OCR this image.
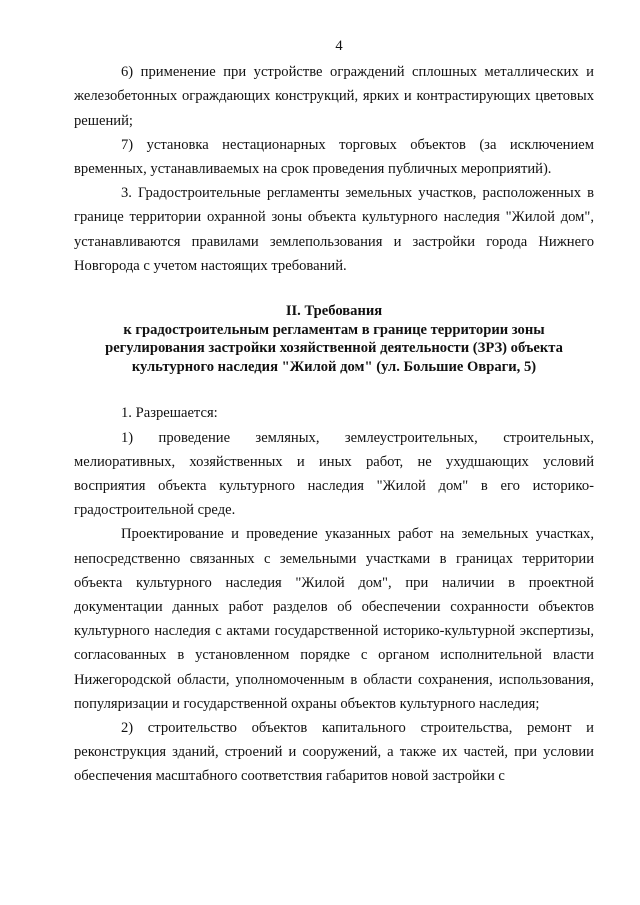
4

6) применение при устройстве ограждений сплошных металлических и железобетонных ограждающих конструкций, ярких и контрастирующих цветовых решений;

7) установка нестационарных торговых объектов (за исключением временных, устанавливаемых на срок проведения публичных мероприятий).

3. Градостроительные регламенты земельных участков, расположенных в границе территории охранной зоны объекта культурного наследия "Жилой дом", устанавливаются правилами землепользования и застройки города Нижнего Новгорода с учетом настоящих требований.

II. Требования
к градостроительным регламентам в границе территории зоны
регулирования застройки хозяйственной деятельности (ЗРЗ) объекта
культурного наследия "Жилой дом" (ул. Большие Овраги, 5)

1. Разрешается:

1) проведение земляных, землеустроительных, строительных, мелиоративных, хозяйственных и иных работ, не ухудшающих условий восприятия объекта культурного наследия "Жилой дом" в его историко-градостроительной среде.

Проектирование и проведение указанных работ на земельных участках, непосредственно связанных с земельными участками в границах территории объекта культурного наследия "Жилой дом", при наличии в проектной документации данных работ разделов об обеспечении сохранности объектов культурного наследия с актами государственной историко-культурной экспертизы, согласованных в установленном порядке с органом исполнительной власти Нижегородской области, уполномоченным в области сохранения, использования, популяризации и государственной охраны объектов культурного наследия;

2) строительство объектов капитального строительства, ремонт и реконструкция зданий, строений и сооружений, а также их частей, при условии обеспечения масштабного соответствия габаритов новой застройки с
